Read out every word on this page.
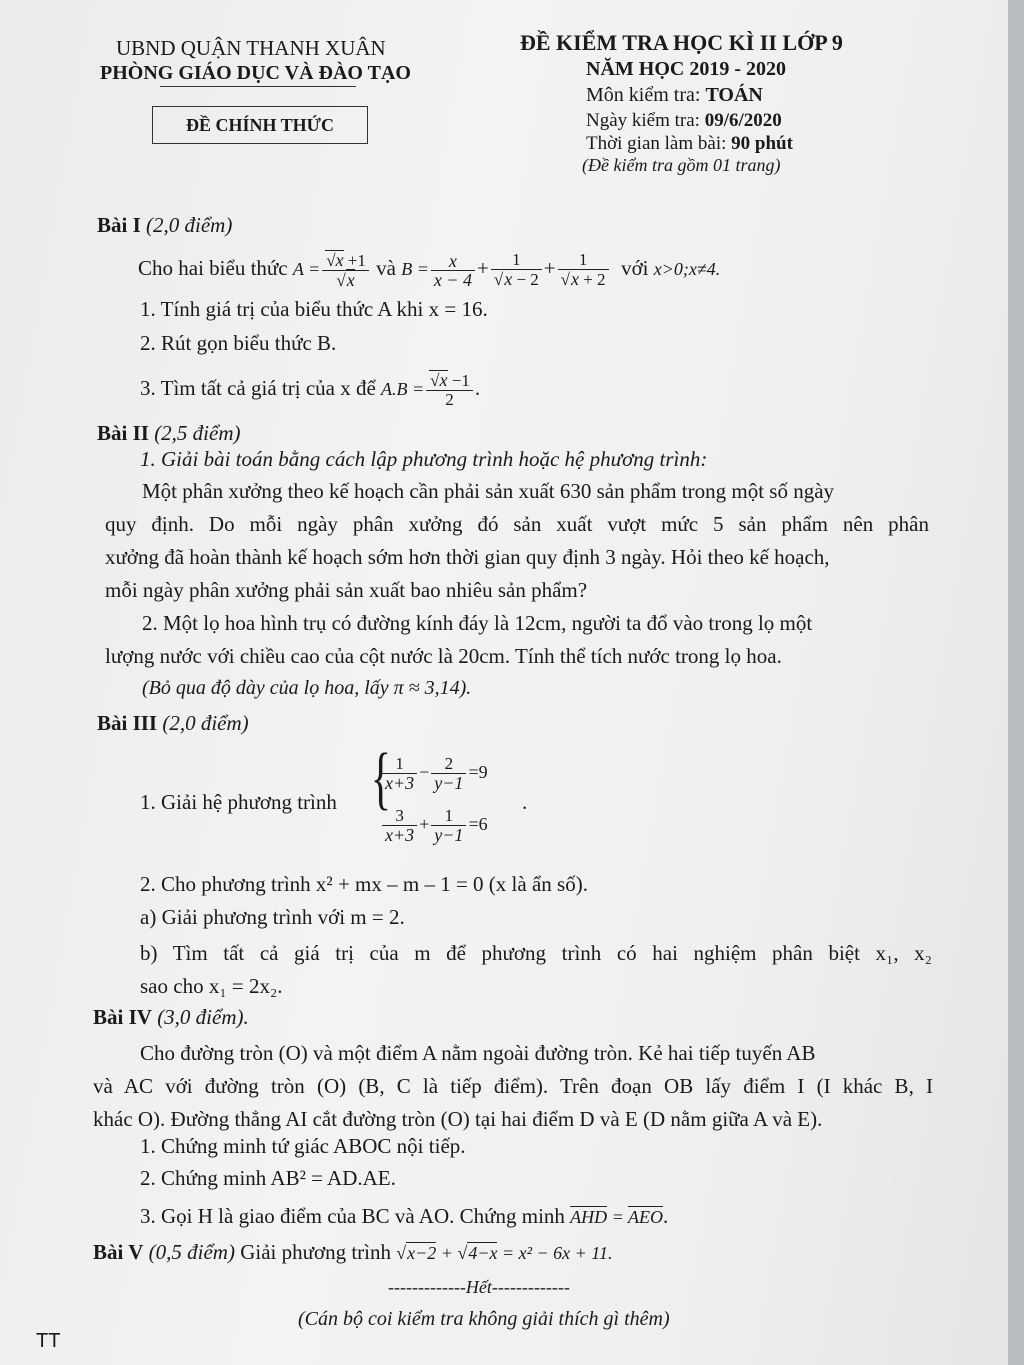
UBND QUẬN THANH XUÂN
PHÒNG GIÁO DỤC VÀ ĐÀO TẠO
ĐỀ CHÍNH THỨC
ĐỀ KIỂM TRA HỌC KÌ II LỚP 9
NĂM HỌC 2019 - 2020
Môn kiểm tra: TOÁN
Ngày kiểm tra: 09/6/2020
Thời gian làm bài: 90 phút
(Đề kiểm tra gồm 01 trang)
Bài I (2,0 điểm)
Cho hai biểu thức $A = \frac{√x +1}{√x}$ và $B = \frac{x}{x - 4} + \frac{1}{√x - 2} + \frac{1}{√x + 2}$ với x>0;x≠4.
1. Tính giá trị của biểu thức A khi x = 16.
2. Rút gọn biểu thức B.
3. Tìm tất cả giá trị của x để $A.B = \frac{√x -1}{2}$ .
Bài II (2,5 điểm)
1. Giải bài toán bằng cách lập phương trình hoặc hệ phương trình:
Một phân xưởng theo kế hoạch cần phải sản xuất 630 sản phẩm trong một số ngày
quy định. Do mỗi ngày phân xưởng đó sản xuất vượt mức 5 sản phẩm nên phân
xưởng đã hoàn thành kế hoạch sớm hơn thời gian quy định 3 ngày. Hỏi theo kế hoạch,
mỗi ngày phân xưởng phải sản xuất bao nhiêu sản phẩm?
2. Một lọ hoa hình trụ có đường kính đáy là 12cm, người ta đổ vào trong lọ một
lượng nước với chiều cao của cột nước là 20cm. Tính thể tích nước trong lọ hoa.
(Bỏ qua độ dày của lọ hoa, lấy π ≈ 3,14).
Bài III (2,0 điểm)
1. Giải hệ phương trình {
$\frac{1}{x+3} - \frac{2}{y-1} =9$
$\frac{3}{x+3} + \frac{1}{y-1} =6$
.
2. Cho phương trình x² + mx – m – 1 = 0 (x là ẩn số).
a) Giải phương trình với m = 2.
b) Tìm tất cả giá trị của m để phương trình có hai nghiệm phân biệt x₁, x₂
sao cho x₁ = 2x₂.
Bài IV (3,0 điểm).
Cho đường tròn (O) và một điểm A nằm ngoài đường tròn. Kẻ hai tiếp tuyến AB
và AC với đường tròn (O) (B, C là tiếp điểm). Trên đoạn OB lấy điểm I (I khác B, I
khác O). Đường thẳng AI cắt đường tròn (O) tại hai điểm D và E (D nằm giữa A và E).
1. Chứng minh tứ giác ABOC nội tiếp.
2. Chứng minh AB² = AD.AE.
3. Gọi H là giao điểm của BC và AO. Chứng minh AHD = AEO.
Bài V (0,5 điểm) Giải phương trình √x−2 + √4−x = x² − 6x + 11.
-------------Hết-------------
(Cán bộ coi kiểm tra không giải thích gì thêm)
TT
